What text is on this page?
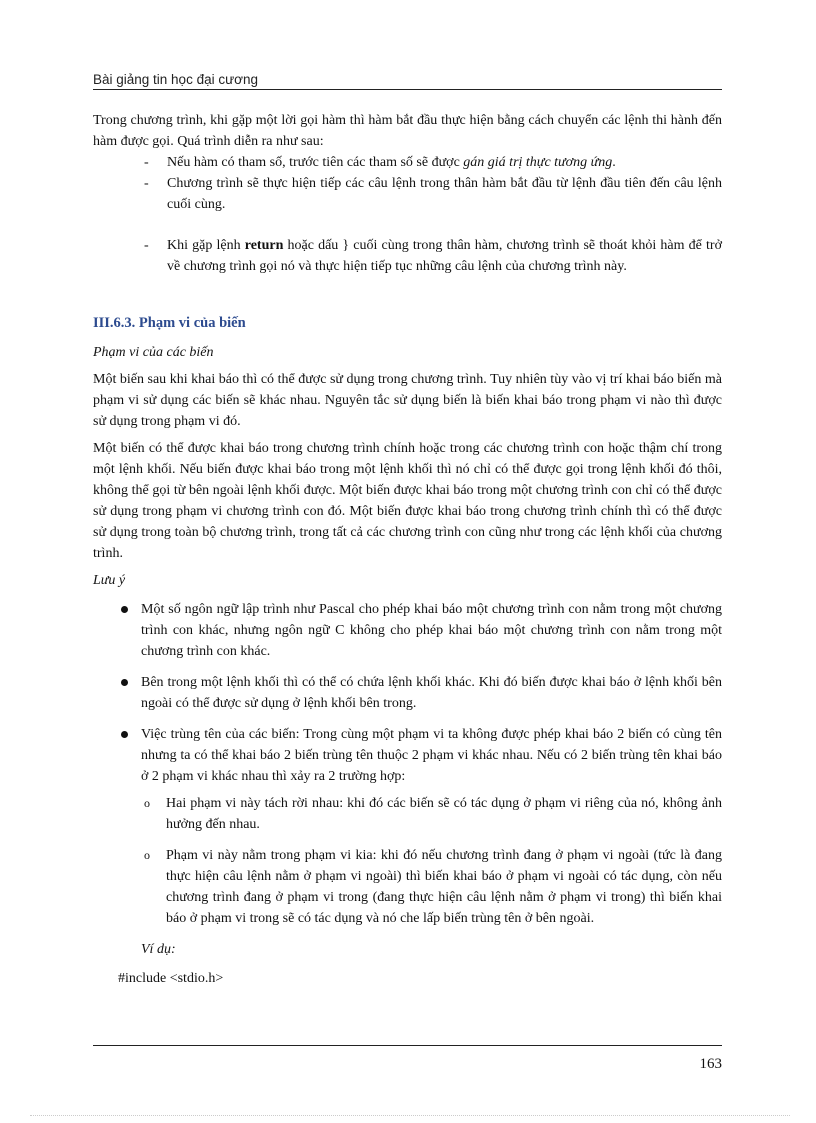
Bài giảng tin học đại cương

Trong chương trình, khi gặp một lời gọi hàm thì hàm bắt đầu thực hiện bằng cách chuyển các lệnh thi hành đến hàm được gọi. Quá trình diễn ra như sau:

- Nếu hàm có tham số, trước tiên các tham số sẽ được gán giá trị thực tương ứng.
- Chương trình sẽ thực hiện tiếp các câu lệnh trong thân hàm bắt đầu từ lệnh đầu tiên đến câu lệnh cuối cùng.
- Khi gặp lệnh return hoặc dấu } cuối cùng trong thân hàm, chương trình sẽ thoát khỏi hàm để trở về chương trình gọi nó và thực hiện tiếp tục những câu lệnh của chương trình này.
III.6.3. Phạm vi của biến
Phạm vi của các biến

Một biến sau khi khai báo thì có thể được sử dụng trong chương trình. Tuy nhiên tùy vào vị trí khai báo biến mà phạm vi sử dụng các biến sẽ khác nhau. Nguyên tắc sử dụng biến là biến khai báo trong phạm vi nào thì được sử dụng trong phạm vi đó.

Một biến có thể được khai báo trong chương trình chính hoặc trong các chương trình con hoặc thậm chí trong một lệnh khối. Nếu biến được khai báo trong một lệnh khối thì nó chỉ có thể được gọi trong lệnh khối đó thôi, không thể gọi từ bên ngoài lệnh khối được. Một biến được khai báo trong một chương trình con chỉ có thể được sử dụng trong phạm vi chương trình con đó. Một biến được khai báo trong chương trình chính thì có thể được sử dụng trong toàn bộ chương trình, trong tất cả các chương trình con cũng như trong các lệnh khối của chương trình.

Lưu ý
Một số ngôn ngữ lập trình như Pascal cho phép khai báo một chương trình con nằm trong một chương trình con khác, nhưng ngôn ngữ C không cho phép khai báo một chương trình con nằm trong một chương trình con khác.
Bên trong một lệnh khối thì có thể có chứa lệnh khối khác. Khi đó biến được khai báo ở lệnh khối bên ngoài có thể được sử dụng ở lệnh khối bên trong.
Việc trùng tên của các biến: Trong cùng một phạm vi ta không được phép khai báo 2 biến có cùng tên nhưng ta có thể khai báo 2 biến trùng tên thuộc 2 phạm vi khác nhau. Nếu có 2 biến trùng tên khai báo ở 2 phạm vi khác nhau thì xảy ra 2 trường hợp:
o Hai phạm vi này tách rời nhau: khi đó các biến sẽ có tác dụng ở phạm vi riêng của nó, không ảnh hưởng đến nhau.
o Phạm vi này nằm trong phạm vi kia: khi đó nếu chương trình đang ở phạm vi ngoài (tức là đang thực hiện câu lệnh nằm ở phạm vi ngoài) thì biến khai báo ở phạm vi ngoài có tác dụng, còn nếu chương trình đang ở phạm vi trong (đang thực hiện câu lệnh nằm ở phạm vi trong) thì biến khai báo ở phạm vi trong sẽ có tác dụng và nó che lấp biến trùng tên ở bên ngoài.
Ví dụ:
#include <stdio.h>
163
